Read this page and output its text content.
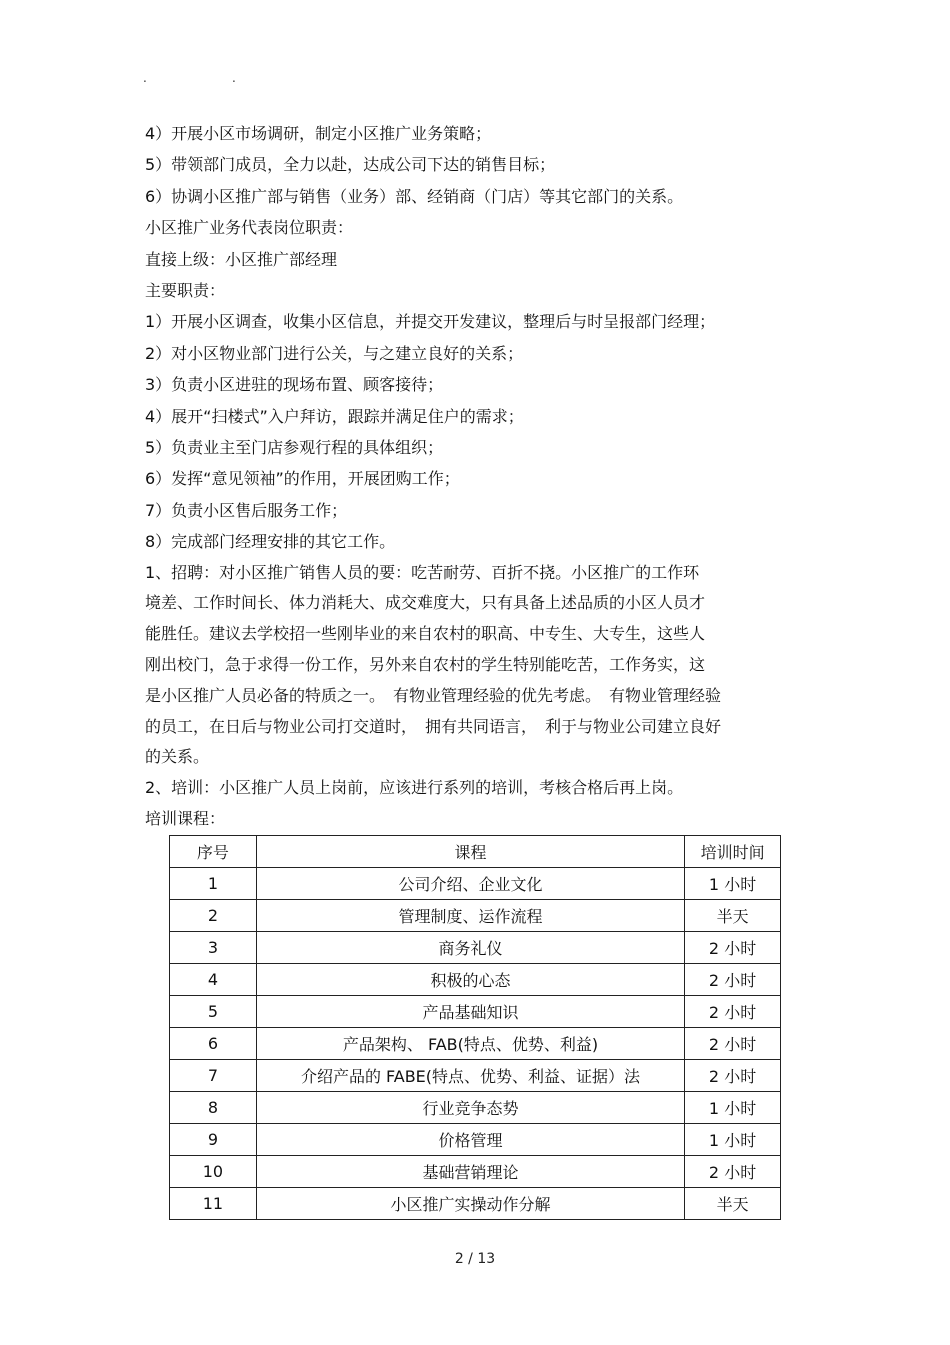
.	.
4）开展小区市场调研，制定小区推广业务策略；
5）带领部门成员，全力以赴，达成公司下达的销售目标；
6）协调小区推广部与销售（业务）部、经销商（门店）等其它部门的关系。
小区推广业务代表岗位职责：
直接上级：小区推广部经理
主要职责：
1）开展小区调查，收集小区信息，并提交开发建议，整理后与时呈报部门经理；
2）对小区物业部门进行公关，与之建立良好的关系；
3）负责小区进驻的现场布置、顾客接待；
4）展开“扫楼式”入户拜访，跟踪并满足住户的需求；
5）负责业主至门店参观行程的具体组织；
6）发挥“意见领袖”的作用，开展团购工作；
7）负责小区售后服务工作；
8）完成部门经理安排的其它工作。
1、招聘：对小区推广销售人员的要：吃苦耐劳、百折不挠。小区推广的工作环
境差、工作时间长、体力消耗大、成交难度大，只有具备上述品质的小区人员才
能胜任。建议去学校招一些刚毕业的来自农村的职高、中专生、大专生，这些人
刚出校门，急于求得一份工作，另外来自农村的学生特别能吃苦，工作务实，这
是小区推广人员必备的特质之一。　有物业管理经验的优先考虑。　有物业管理经验
的员工，在日后与物业公司打交道时，　拥有共同语言，　利于与物业公司建立良好
的关系。
2、培训：小区推广人员上岗前，应该进行系列的培训，考核合格后再上岗。
培训课程：
序号	课程	培训时间
1	公司介绍、企业文化	1 小时
2	管理制度、运作流程	半天
3	商务礼仪	2 小时
4	积极的心态	2 小时
5	产品基础知识	2 小时
6	产品架构、 FAB(特点、优势、利益)	2 小时
7	介绍产品的 FABE(特点、优势、利益、证据）法	2 小时
8	行业竞争态势	1 小时
9	价格管理	1 小时
10	基础营销理论	2 小时
11	小区推广实操动作分解	半天
2 / 13
